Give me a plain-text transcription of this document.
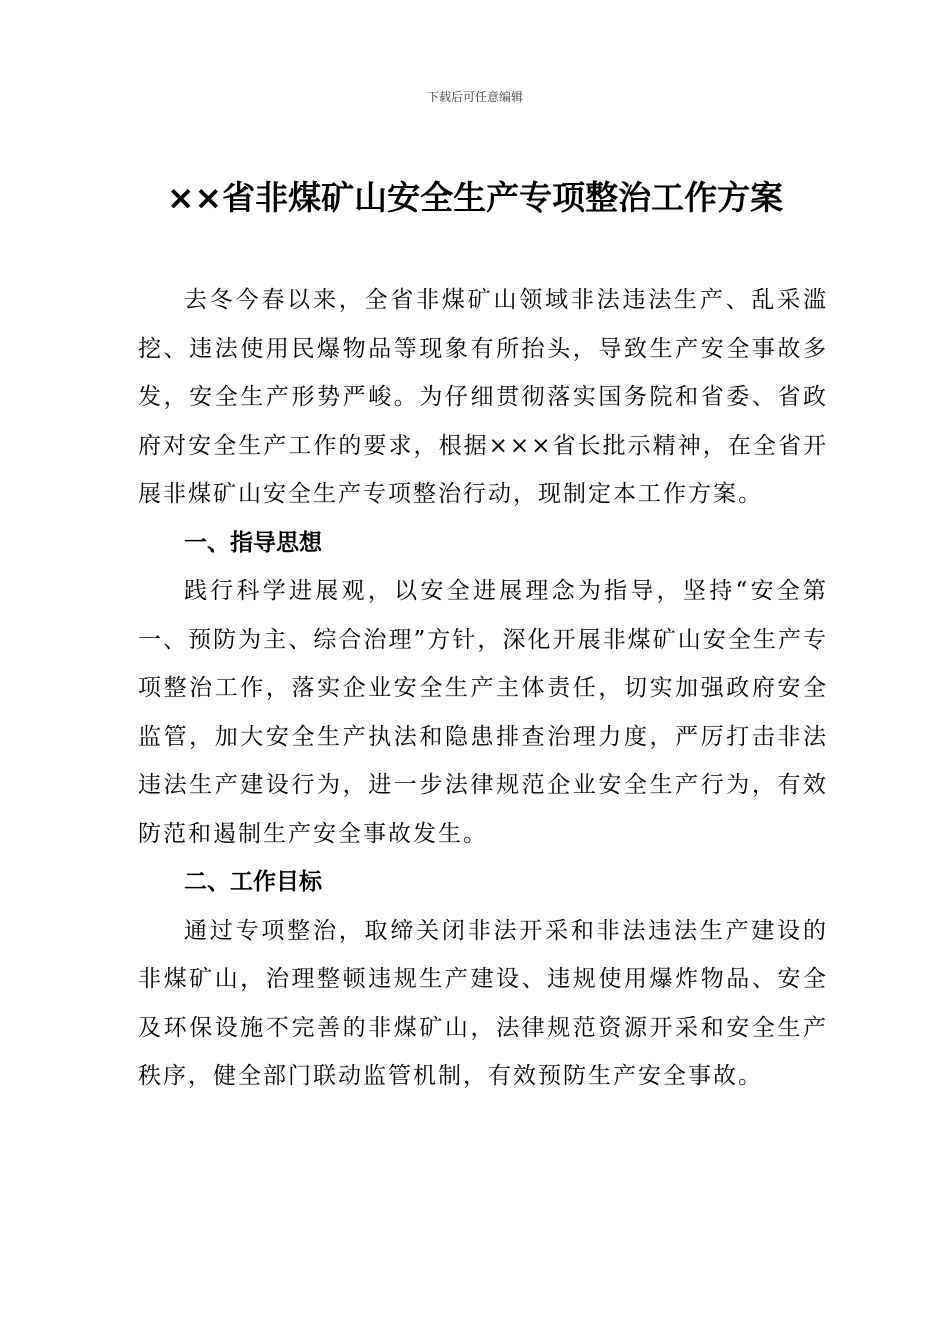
下载后可任意编辑
××省非煤矿山安全生产专项整治工作方案

去冬今春以来，全省非煤矿山领域非法违法生产、乱采滥挖、违法使用民爆物品等现象有所抬头，导致生产安全事故多发，安全生产形势严峻。为仔细贯彻落实国务院和省委、省政府对安全生产工作的要求，根据×××省长批示精神，在全省开展非煤矿山安全生产专项整治行动，现制定本工作方案。

一、指导思想

践行科学进展观，以安全进展理念为指导，坚持“安全第一、预防为主、综合治理”方针，深化开展非煤矿山安全生产专项整治工作，落实企业安全生产主体责任，切实加强政府安全监管，加大安全生产执法和隐患排查治理力度，严厉打击非法违法生产建设行为，进一步法律规范企业安全生产行为，有效防范和遏制生产安全事故发生。

二、工作目标

通过专项整治，取缔关闭非法开采和非法违法生产建设的非煤矿山，治理整顿违规生产建设、违规使用爆炸物品、安全及环保设施不完善的非煤矿山，法律规范资源开采和安全生产秩序，健全部门联动监管机制，有效预防生产安全事故。
